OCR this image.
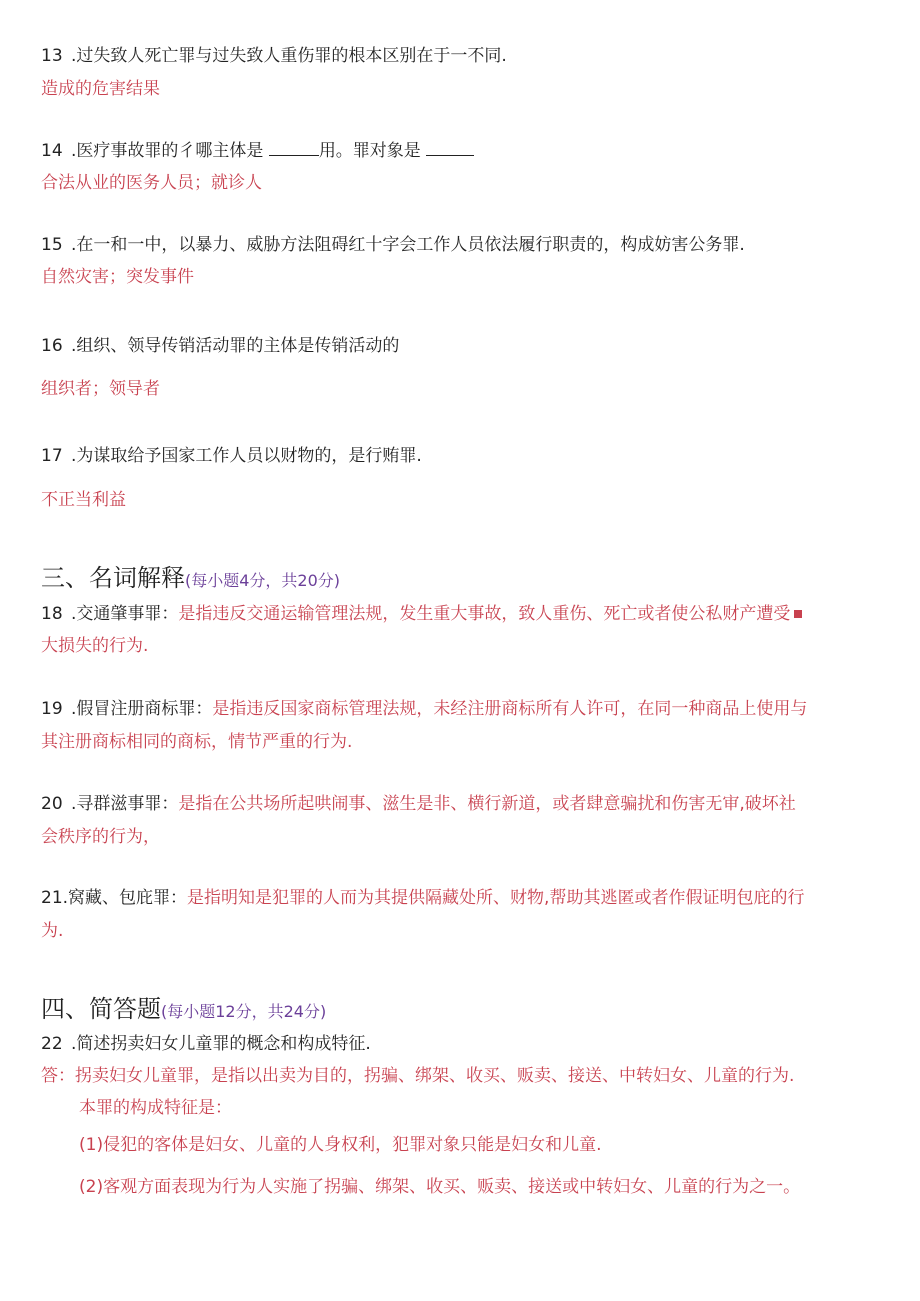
13 .过失致人死亡罪与过失致人重伤罪的根本区别在于一不同.
造成的危害结果
14 .医疗事故罪的彳哪主体是	用。罪对象是
合法从业的医务人员；就诊人
15 .在一和一中，以暴力、威胁方法阻碍红十字会工作人员依法履行职责的，构成妨害公务罪.
自然灾害；突发事件
16 .组织、领导传销活动罪的主体是传销活动的
组织者；领导者
17 .为谋取给予国家工作人员以财物的，是行贿罪.
不正当利益
三、名词解释(每小题4分，共20分)
18 .交通肇事罪：是指违反交通运输管理法规，发生重大事故，致人重伤、死亡或者使公私财产遭受
大损失的行为.
19 .假冒注册商标罪：是指违反国家商标管理法规，未经注册商标所有人许可，在同一种商品上使用与
其注册商标相同的商标，情节严重的行为.
20 .寻群滋事罪：是指在公共场所起哄闹事、滋生是非、横行新道，或者肆意骗扰和伤害无审,破坏社
会秩序的行为，
21.窝藏、包庇罪：是指明知是犯罪的人而为其提供隔藏处所、财物,帮助其逃匿或者作假证明包庇的行
为.
四、简答题(每小题12分，共24分)
22 .简述拐卖妇女儿童罪的概念和构成特征.
答：拐卖妇女儿童罪，是指以出卖为目的，拐骗、绑架、收买、贩卖、接送、中转妇女、儿童的行为.
本罪的构成特征是：
(1)侵犯的客体是妇女、儿童的人身权利，犯罪对象只能是妇女和儿童.
(2)客观方面表现为行为人实施了拐骗、绑架、收买、贩卖、接送或中转妇女、儿童的行为之一。
